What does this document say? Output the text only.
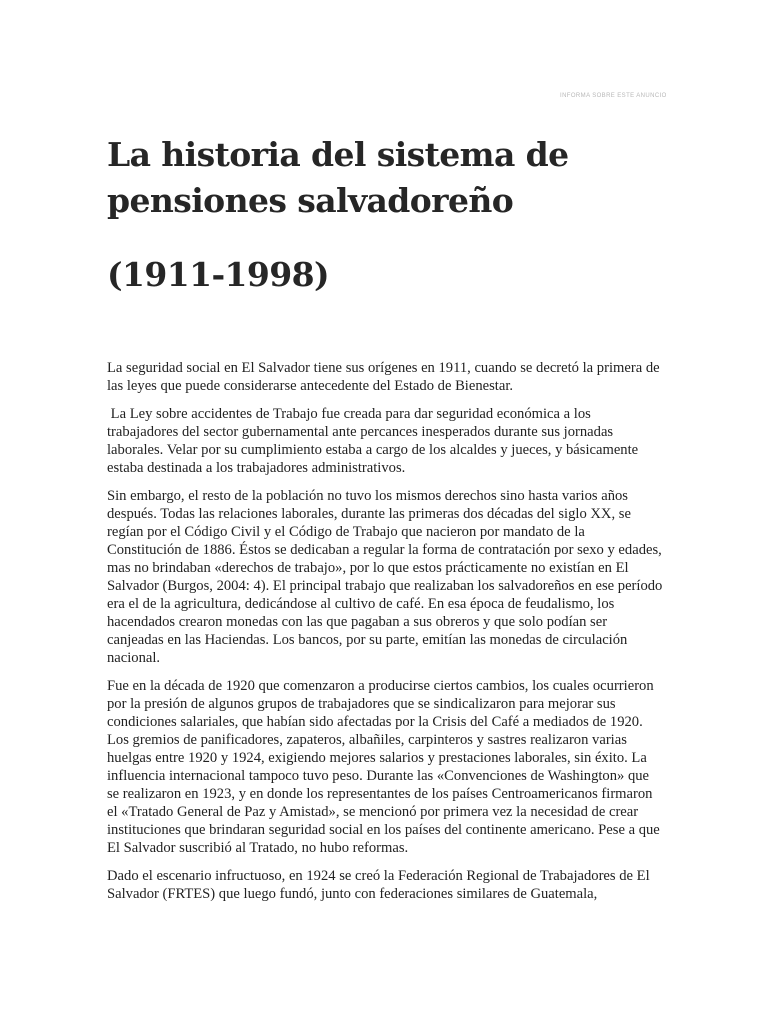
INFORMA SOBRE ESTE ANUNCIO
La historia del sistema de pensiones salvadoreño
(1911-1998)

La seguridad social en El Salvador tiene sus orígenes en 1911, cuando se decretó la primera de las leyes que puede considerarse antecedente del Estado de Bienestar.

La Ley sobre accidentes de Trabajo fue creada para dar seguridad económica a los trabajadores del sector gubernamental ante percances inesperados durante sus jornadas laborales. Velar por su cumplimiento estaba a cargo de los alcaldes y jueces, y básicamente estaba destinada a los trabajadores administrativos.

Sin embargo, el resto de la población no tuvo los mismos derechos sino hasta varios años después. Todas las relaciones laborales, durante las primeras dos décadas del siglo XX, se regían por el Código Civil y el Código de Trabajo que nacieron por mandato de la Constitución de 1886. Éstos se dedicaban a regular la forma de contratación por sexo y edades, mas no brindaban «derechos de trabajo», por lo que estos prácticamente no existían en El Salvador (Burgos, 2004: 4). El principal trabajo que realizaban los salvadoreños en ese período era el de la agricultura, dedicándose al cultivo de café. En esa época de feudalismo, los hacendados crearon monedas con las que pagaban a sus obreros y que solo podían ser canjeadas en las Haciendas. Los bancos, por su parte, emitían las monedas de circulación nacional.

Fue en la década de 1920 que comenzaron a producirse ciertos cambios, los cuales ocurrieron por la presión de algunos grupos de trabajadores que se sindicalizaron para mejorar sus condiciones salariales, que habían sido afectadas por la Crisis del Café a mediados de 1920. Los gremios de panificadores, zapateros, albañiles, carpinteros y sastres realizaron varias huelgas entre 1920 y 1924, exigiendo mejores salarios y prestaciones laborales, sin éxito. La influencia internacional tampoco tuvo peso. Durante las «Convenciones de Washington» que se realizaron en 1923, y en donde los representantes de los países Centroamericanos firmaron el «Tratado General de Paz y Amistad», se mencionó por primera vez la necesidad de crear instituciones que brindaran seguridad social en los países del continente americano. Pese a que El Salvador suscribió al Tratado, no hubo reformas.

Dado el escenario infructuoso, en 1924 se creó la Federación Regional de Trabajadores de El Salvador (FRTES) que luego fundó, junto con federaciones similares de Guatemala,
